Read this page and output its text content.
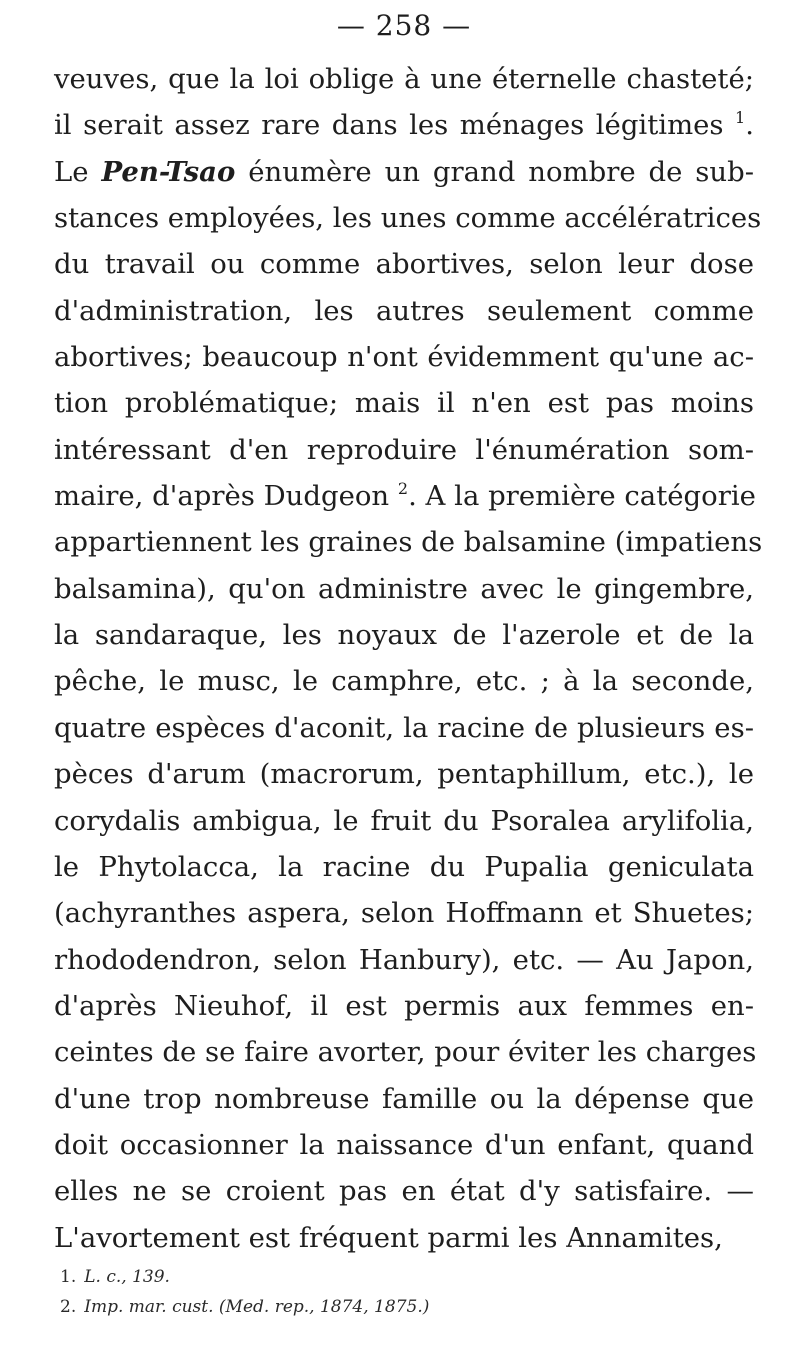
— 258 —
veuves, que la loi oblige à une éternelle chasteté;
il serait assez rare dans les ménages légitimes $^1$.
Le Pen-Tsao énumère un grand nombre de sub-
stances employées, les unes comme accélératrices
du travail ou comme abortives, selon leur dose
d'administration, les autres seulement comme
abortives; beaucoup n'ont évidemment qu'une ac-
tion problématique; mais il n'en est pas moins
intéressant d'en reproduire l'énumération som-
maire, d'après Dudgeon $^2$. A la première catégorie
appartiennent les graines de balsamine (impatiens
balsamina), qu'on administre avec le gingembre,
la sandaraque, les noyaux de l'azerole et de la
pêche, le musc, le camphre, etc. ; à la seconde,
quatre espèces d'aconit, la racine de plusieurs es-
pèces d'arum (macrorum, pentaphillum, etc.), le
corydalis ambigua, le fruit du Psoralea arylifolia,
le Phytolacca, la racine du Pupalia geniculata
(achyranthes aspera, selon Hoffmann et Shuetes;
rhododendron, selon Hanbury), etc. — Au Japon,
d'après Nieuhof, il est permis aux femmes en-
ceintes de se faire avorter, pour éviter les charges
d'une trop nombreuse famille ou la dépense que
doit occasionner la naissance d'un enfant, quand
elles ne se croient pas en état d'y satisfaire. —
L'avortement est fréquent parmi les Annamites,
1. L. c., 139.
2. Imp. mar. cust. (Med. rep., 1874, 1875.)
